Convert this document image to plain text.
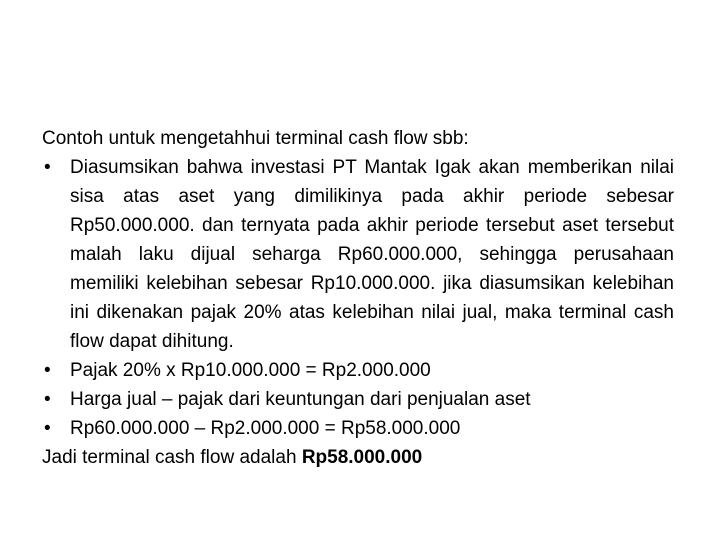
Contoh untuk mengetahhui terminal cash flow sbb:

• Diasumsikan bahwa investasi PT Mantak Igak akan memberikan nilai sisa atas aset yang dimilikinya pada akhir periode sebesar Rp50.000.000. dan ternyata pada akhir periode tersebut aset tersebut malah laku dijual seharga Rp60.000.000, sehingga perusahaan memiliki kelebihan sebesar Rp10.000.000. jika diasumsikan kelebihan ini dikenakan pajak 20% atas kelebihan nilai jual, maka terminal cash flow dapat dihitung.
• Pajak 20% x Rp10.000.000 = Rp2.000.000
• Harga jual – pajak dari keuntungan dari penjualan aset
• Rp60.000.000 – Rp2.000.000 = Rp58.000.000

Jadi terminal cash flow adalah Rp58.000.000
